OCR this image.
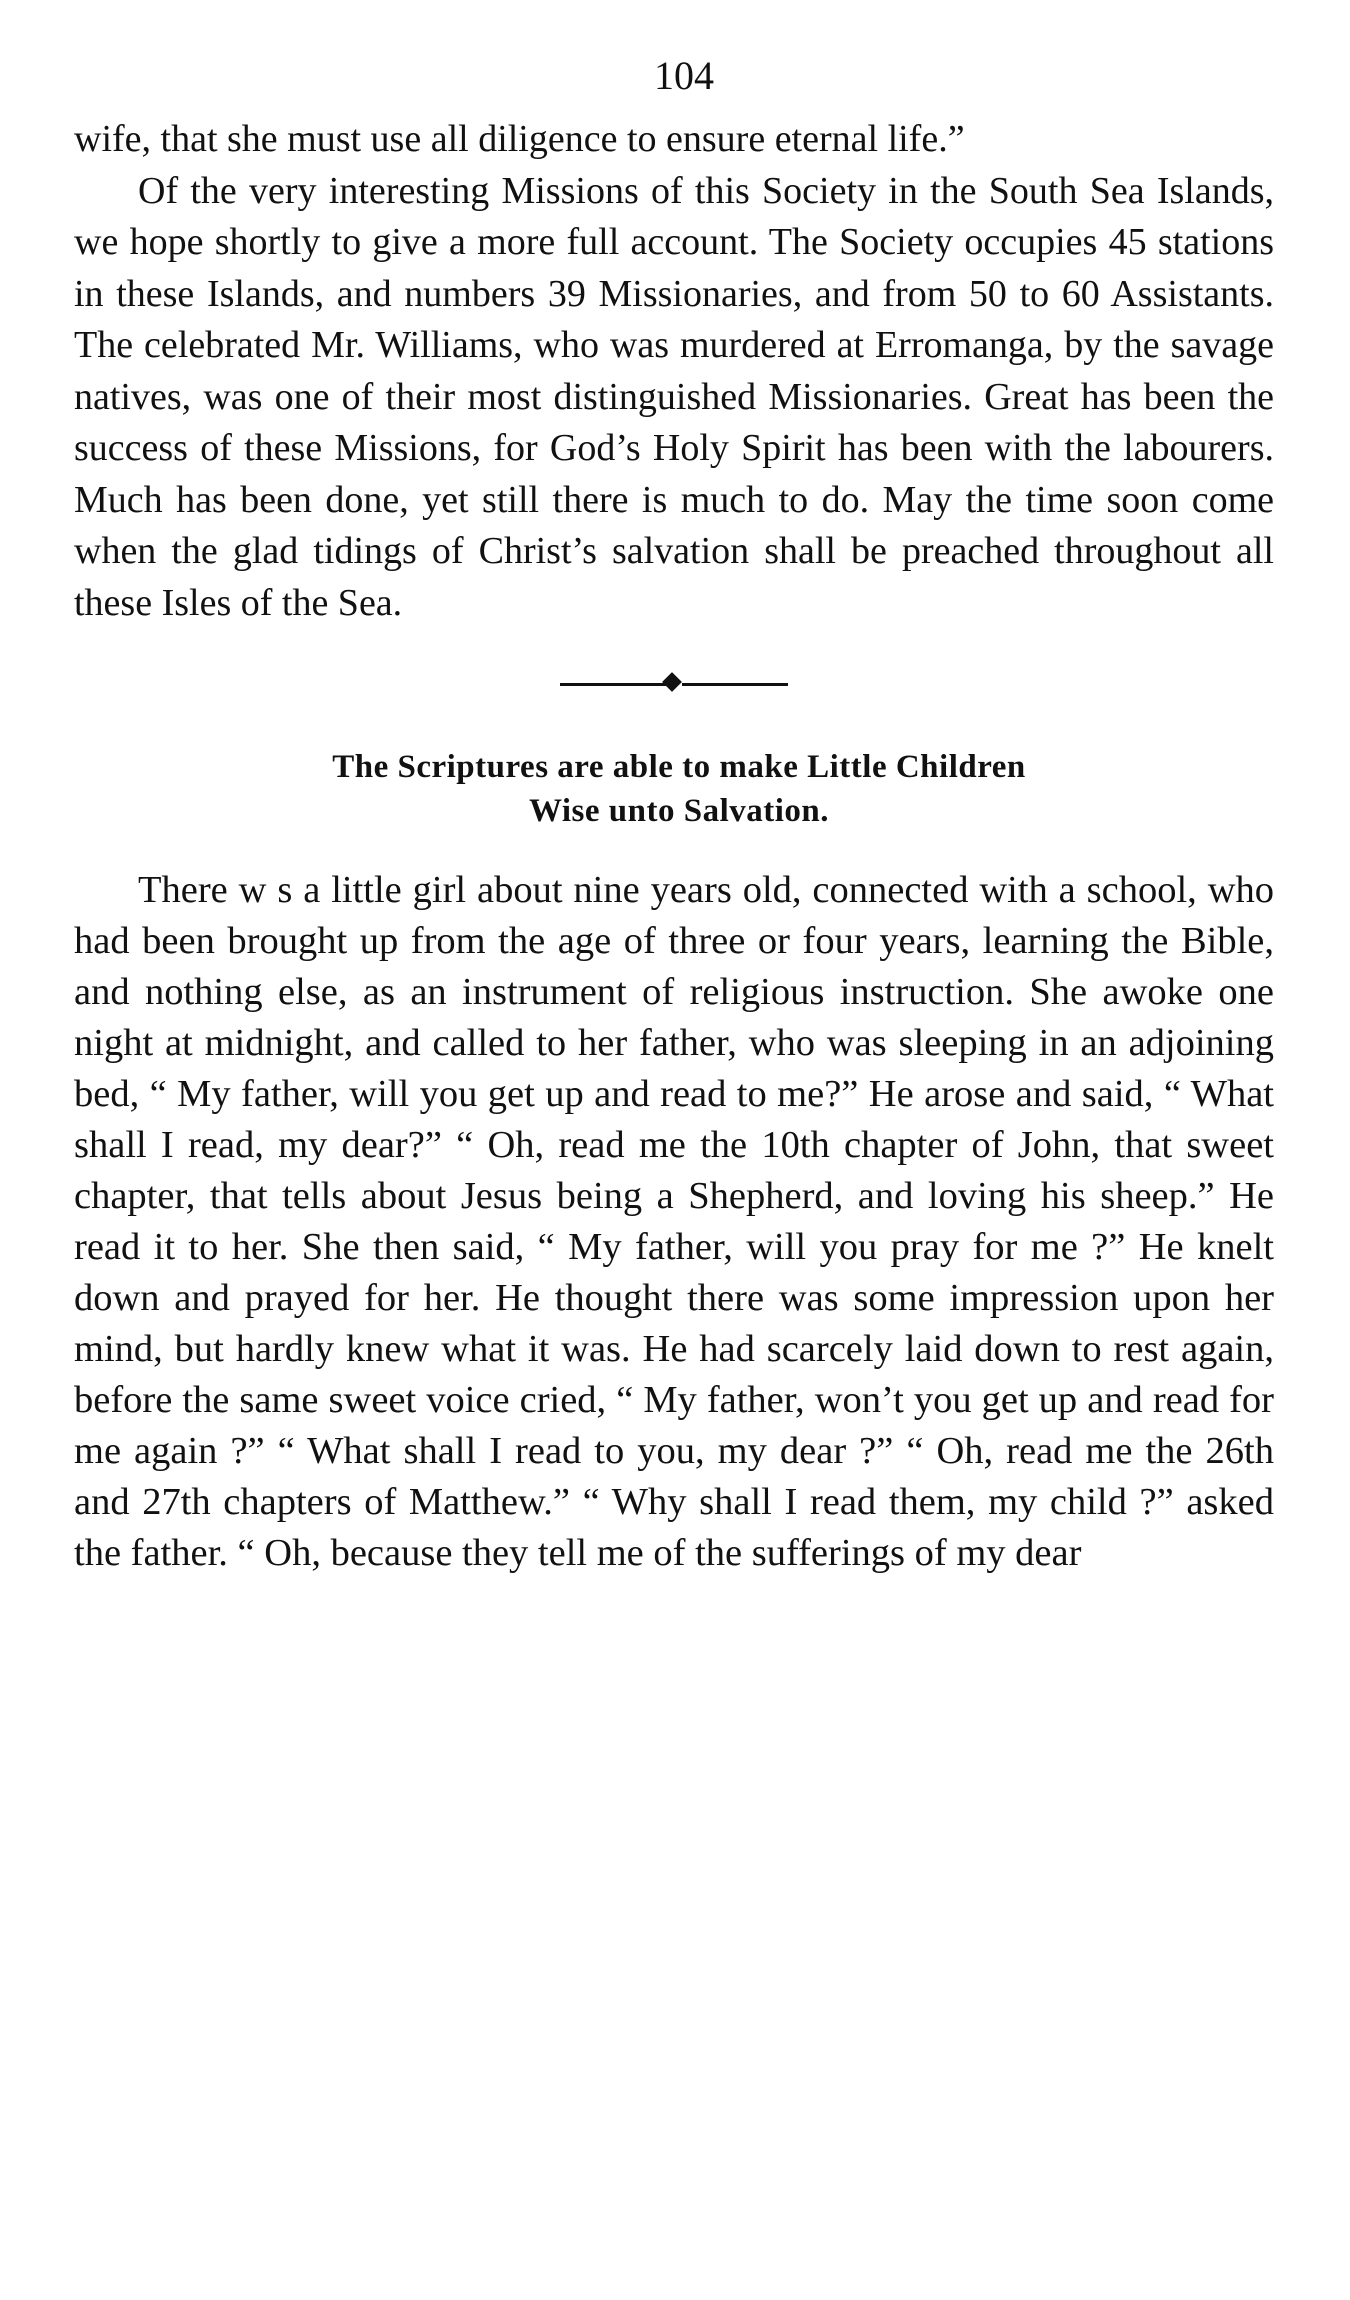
104

wife, that she must use all diligence to ensure eternal life.”

Of the very interesting Missions of this Society in the South Sea Islands, we hope shortly to give a more full account. The Society occupies 45 stations in these Islands, and numbers 39 Missionaries, and from 50 to 60 Assistants. The celebrated Mr. Williams, who was murdered at Erromanga, by the savage natives, was one of their most distinguished Missionaries. Great has been the success of these Missions, for God’s Holy Spirit has been with the labourers. Much has been done, yet still there is much to do. May the time soon come when the glad tidings of Christ’s salvation shall be preached throughout all these Isles of the Sea.

The Scriptures are able to make Little Children
Wise unto Salvation.

There w s a little girl about nine years old, connected with a school, who had been brought up from the age of three or four years, learning the Bible, and nothing else, as an instrument of religious instruction. She awoke one night at midnight, and called to her father, who was sleeping in an adjoining bed, “ My father, will you get up and read to me?” He arose and said, “ What shall I read, my dear?” “ Oh, read me the 10th chapter of John, that sweet chapter, that tells about Jesus being a Shepherd, and loving his sheep.” He read it to her. She then said, “ My father, will you pray for me ?” He knelt down and prayed for her. He thought there was some impression upon her mind, but hardly knew what it was. He had scarcely laid down to rest again, before the same sweet voice cried, “ My father, won’t you get up and read for me again ?” “ What shall I read to you, my dear ?” “ Oh, read me the 26th and 27th chapters of Matthew.” “ Why shall I read them, my child ?” asked the father. “ Oh, because they tell me of the sufferings of my dear
